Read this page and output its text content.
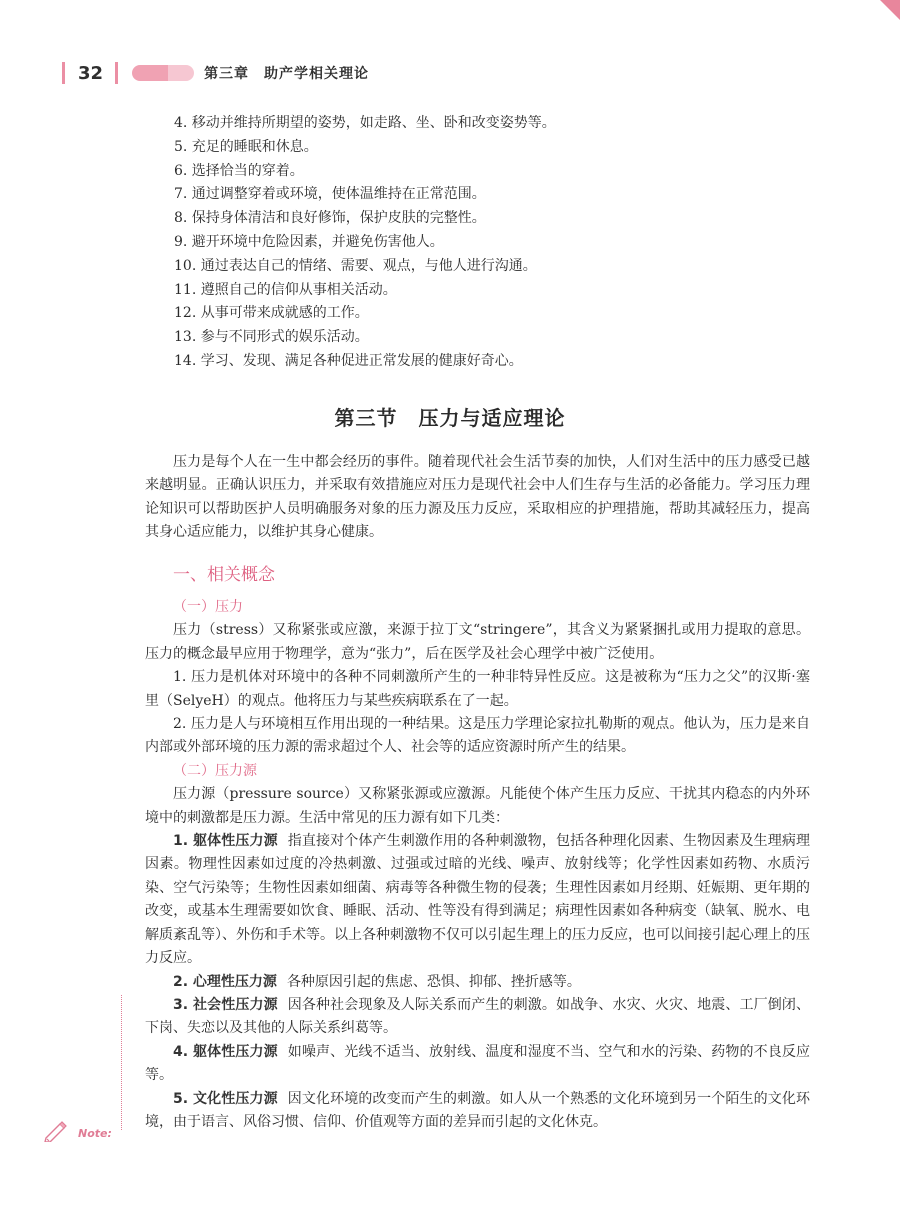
32	第三章　助产学相关理论
4. 移动并维持所期望的姿势，如走路、坐、卧和改变姿势等。
5. 充足的睡眠和休息。
6. 选择恰当的穿着。
7. 通过调整穿着或环境，使体温维持在正常范围。
8. 保持身体清洁和良好修饰，保护皮肤的完整性。
9. 避开环境中危险因素，并避免伤害他人。
10. 通过表达自己的情绪、需要、观点，与他人进行沟通。
11. 遵照自己的信仰从事相关活动。
12. 从事可带来成就感的工作。
13. 参与不同形式的娱乐活动。
14. 学习、发现、满足各种促进正常发展的健康好奇心。
第三节　压力与适应理论

压力是每个人在一生中都会经历的事件。随着现代社会生活节奏的加快，人们对生活中的压力感受已越来越明显。正确认识压力，并采取有效措施应对压力是现代社会中人们生存与生活的必备能力。学习压力理论知识可以帮助医护人员明确服务对象的压力源及压力反应，采取相应的护理措施，帮助其减轻压力，提高其身心适应能力，以维护其身心健康。

一、相关概念
（一）压力

压力（stress）又称紧张或应激，来源于拉丁文“stringere”，其含义为紧紧捆扎或用力提取的意思。压力的概念最早应用于物理学，意为“张力”，后在医学及社会心理学中被广泛使用。

1. 压力是机体对环境中的各种不同刺激所产生的一种非特异性反应。这是被称为“压力之父”的汉斯·塞里（SelyeH）的观点。他将压力与某些疾病联系在了一起。

2. 压力是人与环境相互作用出现的一种结果。这是压力学理论家拉扎勒斯的观点。他认为，压力是来自内部或外部环境的压力源的需求超过个人、社会等的适应资源时所产生的结果。

（二）压力源

压力源（pressure source）又称紧张源或应激源。凡能使个体产生压力反应、干扰其内稳态的内外环境中的刺激都是压力源。生活中常见的压力源有如下几类：

1. 躯体性压力源 指直接对个体产生刺激作用的各种刺激物，包括各种理化因素、生物因素及生理病理因素。物理性因素如过度的冷热刺激、过强或过暗的光线、噪声、放射线等；化学性因素如药物、水质污染、空气污染等；生物性因素如细菌、病毒等各种微生物的侵袭；生理性因素如月经期、妊娠期、更年期的改变，或基本生理需要如饮食、睡眠、活动、性等没有得到满足；病理性因素如各种病变（缺氧、脱水、电解质紊乱等）、外伤和手术等。以上各种刺激物不仅可以引起生理上的压力反应，也可以间接引起心理上的压力反应。

2. 心理性压力源 各种原因引起的焦虑、恐惧、抑郁、挫折感等。

3. 社会性压力源 因各种社会现象及人际关系而产生的刺激。如战争、水灾、火灾、地震、工厂倒闭、下岗、失恋以及其他的人际关系纠葛等。

4. 躯体性压力源 如噪声、光线不适当、放射线、温度和湿度不当、空气和水的污染、药物的不良反应等。

5. 文化性压力源 因文化环境的改变而产生的刺激。如人从一个熟悉的文化环境到另一个陌生的文化环境，由于语言、风俗习惯、信仰、价值观等方面的差异而引起的文化休克。

Note:
